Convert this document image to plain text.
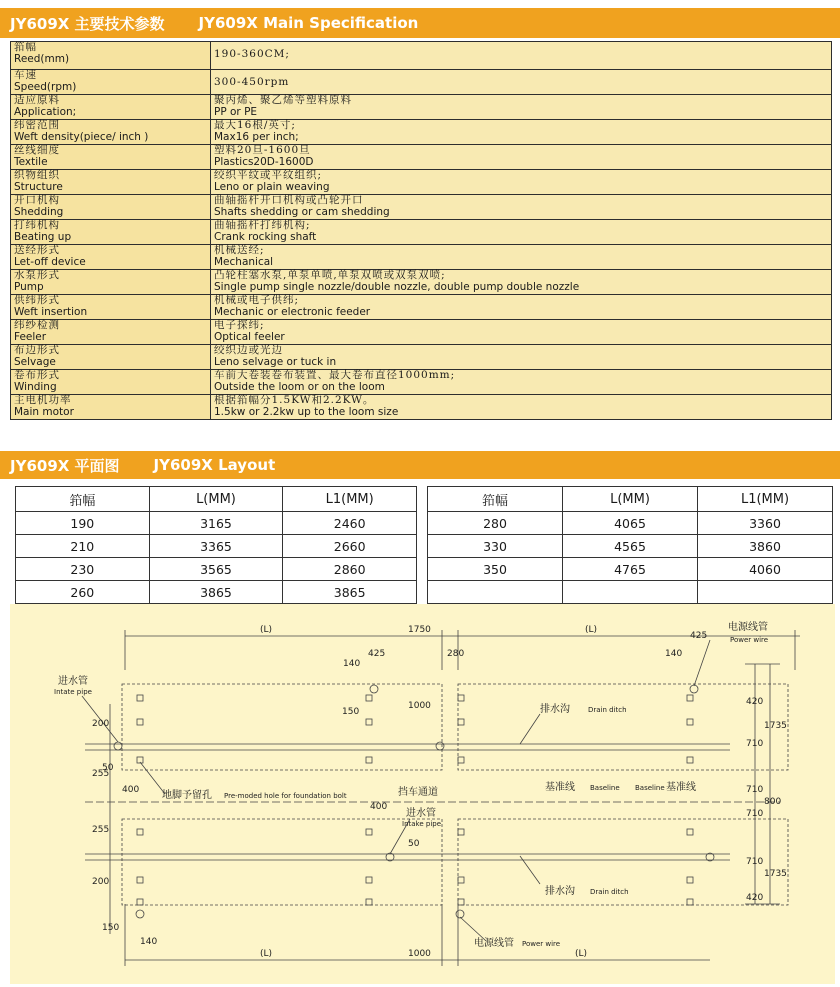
JY609X 主要技术参数 JY609X Main Specification
筘幅
Reed(mm)	190-360CM;

车速
Speed(rpm)	300-450rpm

适应原料
Application;	聚丙烯、聚乙烯等塑料原料
PP or PE

纬密范围
Weft density(piece/ inch )	最大16根/英寸;
Max16 per inch;

丝线细度
Textile	塑料20旦-1600旦
Plastics20D-1600D

织物组织
Structure	绞织平纹或平纹组织;
Leno or plain weaving

开口机构
Shedding	曲轴摇杆开口机构或凸轮开口
Shafts shedding or cam shedding

打纬机构
Beating up	曲轴摇杆打纬机构;
Crank rocking shaft

送经形式
Let-off device	机械送经;
Mechanical

水泵形式
Pump	凸轮柱塞水泵,单泵单喷,单泵双喷或双泵双喷;
Single pump single nozzle/double nozzle, double pump double nozzle

供纬形式
Weft insertion	机械或电子供纬;
Mechanic or electronic feeder

纬纱检测
Feeler	电子探纬;
Optical feeler

布边形式
Selvage	绞织边或光边
Leno selvage or tuck in

卷布形式
Winding	车前大卷装卷布装置、最大卷布直径1000mm;
Outside the loom or on the loom

主电机功率
Main motor	根据筘幅分1.5KW和2.2KW。
1.5kw or 2.2kw up to the loom size
JY609X 平面图 JY609X Layout
筘幅	L(MM)	L1(MM)
190	3165	2460
210	3365	2660
230	3565	2860
260	3865	3865
筘幅	L(MM)	L1(MM)
280	4065	3360
330	4565	3860
350	4765	4060

(L)	1750	(L)
425
425
140
140
280
1000
150
200
255
50
400
400
420
710
1735
710
710
800
710
1735
420
255
200
50
150
140
(L)	1000	(L)
电源线管
Power wire
进水管
Intate pipe
排水沟	Drain ditch
地脚予留孔 Pre-moded hole for foundation bolt	挡车通道	基准线 Baseline Baseline 基准线
进水管
Intake pipe
排水沟 Drain ditch
电源线管 Power wire
